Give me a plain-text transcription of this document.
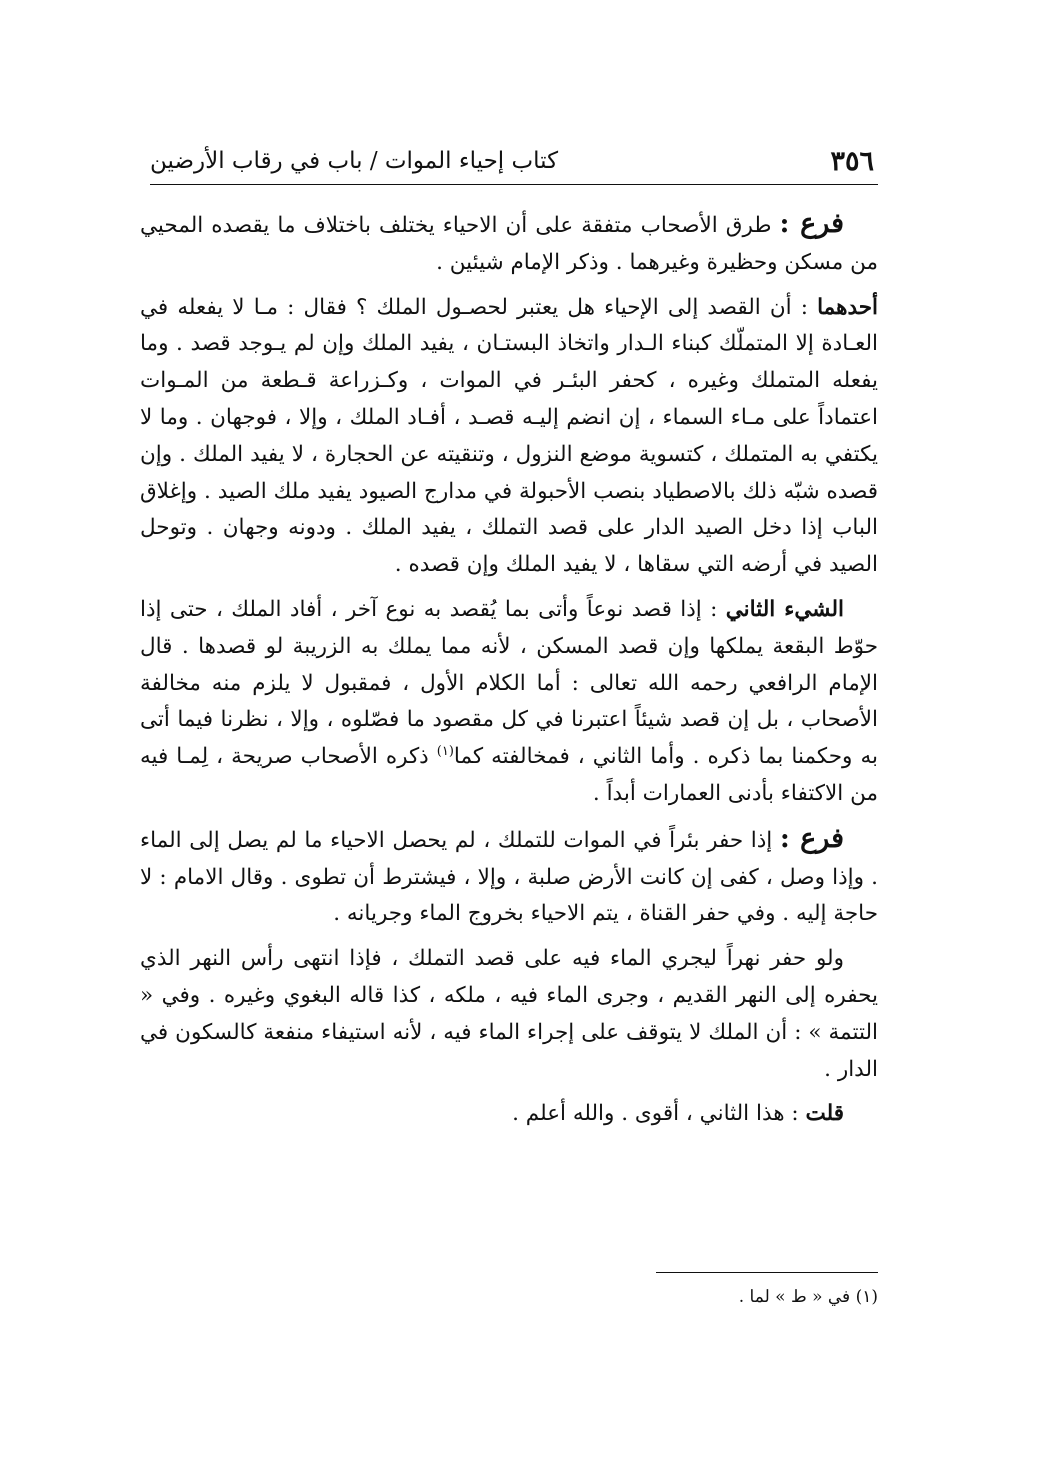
٣٥٦
كتاب إحياء الموات / باب في رقاب الأرضين

فرع : طرق الأصحاب متفقة على أن الاحياء يختلف باختلاف ما يقصده المحيي من مسكن وحظيرة وغيرهما . وذكر الإمام شيئين .

أحدهما : أن القصد إلى الإحياء هل يعتبر لحصـول الملك ؟ فقال : مـا لا يفعله في العـادة إلا المتملّك كبناء الـدار واتخاذ البستـان ، يفيد الملك وإن لم يـوجد قصد . وما يفعله المتملك وغيره ، كحفر البئـر في الموات ، وكـزراعة قـطعة من المـوات اعتماداً على مـاء السماء ، إن انضم إليـه قصـد ، أفـاد الملك ، وإلا ، فوجهان . وما لا يكتفي به المتملك ، كتسوية موضع النزول ، وتنقيته عن الحجارة ، لا يفيد الملك . وإن قصده شبّه ذلك بالاصطياد بنصب الأحبولة في مدارج الصيود يفيد ملك الصيد . وإغلاق الباب إذا دخل الصيد الدار على قصد التملك ، يفيد الملك . ودونه وجهان . وتوحل الصيد في أرضه التي سقاها ، لا يفيد الملك وإن قصده .

الشيء الثاني : إذا قصد نوعاً وأتى بما يُقصد به نوع آخر ، أفاد الملك ، حتى إذا حوّط البقعة يملكها وإن قصد المسكن ، لأنه مما يملك به الزريبة لو قصدها . قال الإمام الرافعي رحمه الله تعالى : أما الكلام الأول ، فمقبول لا يلزم منه مخالفة الأصحاب ، بل إن قصد شيئاً اعتبرنا في كل مقصود ما فصّلوه ، وإلا ، نظرنا فيما أتى به وحكمنا بما ذكره . وأما الثاني ، فمخالفته كما$^{(١)}$ ذكره الأصحاب صريحة ، لِمـا فيه من الاكتفاء بأدنى العمارات أبداً .

فرع : إذا حفر بئراً في الموات للتملك ، لم يحصل الاحياء ما لم يصل إلى الماء . وإذا وصل ، كفى إن كانت الأرض صلبة ، وإلا ، فيشترط أن تطوى . وقال الامام : لا حاجة إليه . وفي حفر القناة ، يتم الاحياء بخروج الماء وجريانه .

ولو حفر نهراً ليجري الماء فيه على قصد التملك ، فإذا انتهى رأس النهر الذي يحفره إلى النهر القديم ، وجرى الماء فيه ، ملكه ، كذا قاله البغوي وغيره . وفي « التتمة » : أن الملك لا يتوقف على إجراء الماء فيه ، لأنه استيفاء منفعة كالسكون في الدار .

قلت : هذا الثاني ، أقوى . والله أعلم .

(١) في « ط » لما .
